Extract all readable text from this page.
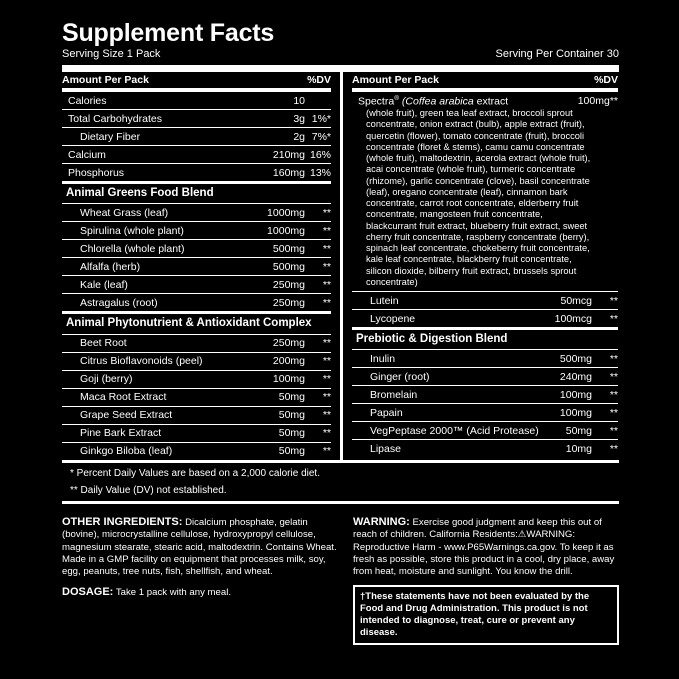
Supplement Facts
Serving Size 1 Pack	Serving Per Container 30
Amount Per Pack	%DV
Calories	10
Total Carbohydrates	3g 1%*
Dietary Fiber	2g 7%*
Calcium	210mg 16%
Phosphorus	160mg 13%
Animal Greens Food Blend
Wheat Grass (leaf)	1000mg	**
Spirulina (whole plant)	1000mg	**
Chlorella (whole plant)	500mg	**
Alfalfa (herb)	500mg	**
Kale (leaf)	250mg	**
Astragalus (root)	250mg	**
Animal Phytonutrient & Antioxidant Complex
Beet Root	250mg	**
Citrus Bioflavonoids (peel)	200mg	**
Goji (berry)	100mg	**
Maca Root Extract	50mg	**
Grape Seed Extract	50mg	**
Pine Bark Extract	50mg	**
Ginkgo Biloba (leaf)	50mg	**
Amount Per Pack	%DV
Spectra® (Coffea arabica extract	100mg **
(whole fruit), green tea leaf extract, broccoli sprout concentrate, onion extract (bulb), apple extract (fruit), quercetin (flower), tomato concentrate (fruit), broccoli concentrate (floret & stems), camu camu concentrate (whole fruit), maltodextrin, acerola extract (whole fruit), acai concentrate (whole fruit), turmeric concentrate (rhizome), garlic concentrate (clove), basil concentrate (leaf), oregano concentrate (leaf), cinnamon bark concentrate, carrot root concentrate, elderberry fruit concentrate, mangosteen fruit concentrate, blackcurrant fruit extract, blueberry fruit extract, sweet cherry fruit concentrate, raspberry concentrate (berry), spinach leaf concentrate, chokeberry fruit concentrate, kale leaf concentrate, blackberry fruit concentrate, silicon dioxide, bilberry fruit extract, brussels sprout concentrate)
Lutein	50mcg	**
Lycopene	100mcg	**
Prebiotic & Digestion Blend
Inulin	500mg	**
Ginger (root)	240mg	**
Bromelain	100mg	**
Papain	100mg	**
VegPeptase 2000™ (Acid Protease)	50mg	**
Lipase	10mg	**
* Percent Daily Values are based on a 2,000 calorie diet.
** Daily Value (DV) not established.
OTHER INGREDIENTS: Dicalcium phosphate, gelatin (bovine), microcrystalline cellulose, hydroxypropyl cellulose, magnesium stearate, stearic acid, maltodextrin. Contains Wheat. Made in a GMP facility on equipment that processes milk, soy, egg, peanuts, tree nuts, fish, shellfish, and wheat.
DOSAGE: Take 1 pack with any meal.
WARNING: Exercise good judgment and keep this out of reach of children. California Residents:⚠WARNING: Reproductive Harm - www.P65Warnings.ca.gov. To keep it as fresh as possible, store this product in a cool, dry place, away from heat, moisture and sunlight. You know the drill.
†These statements have not been evaluated by the Food and Drug Administration. This product is not intended to diagnose, treat, cure or prevent any disease.
